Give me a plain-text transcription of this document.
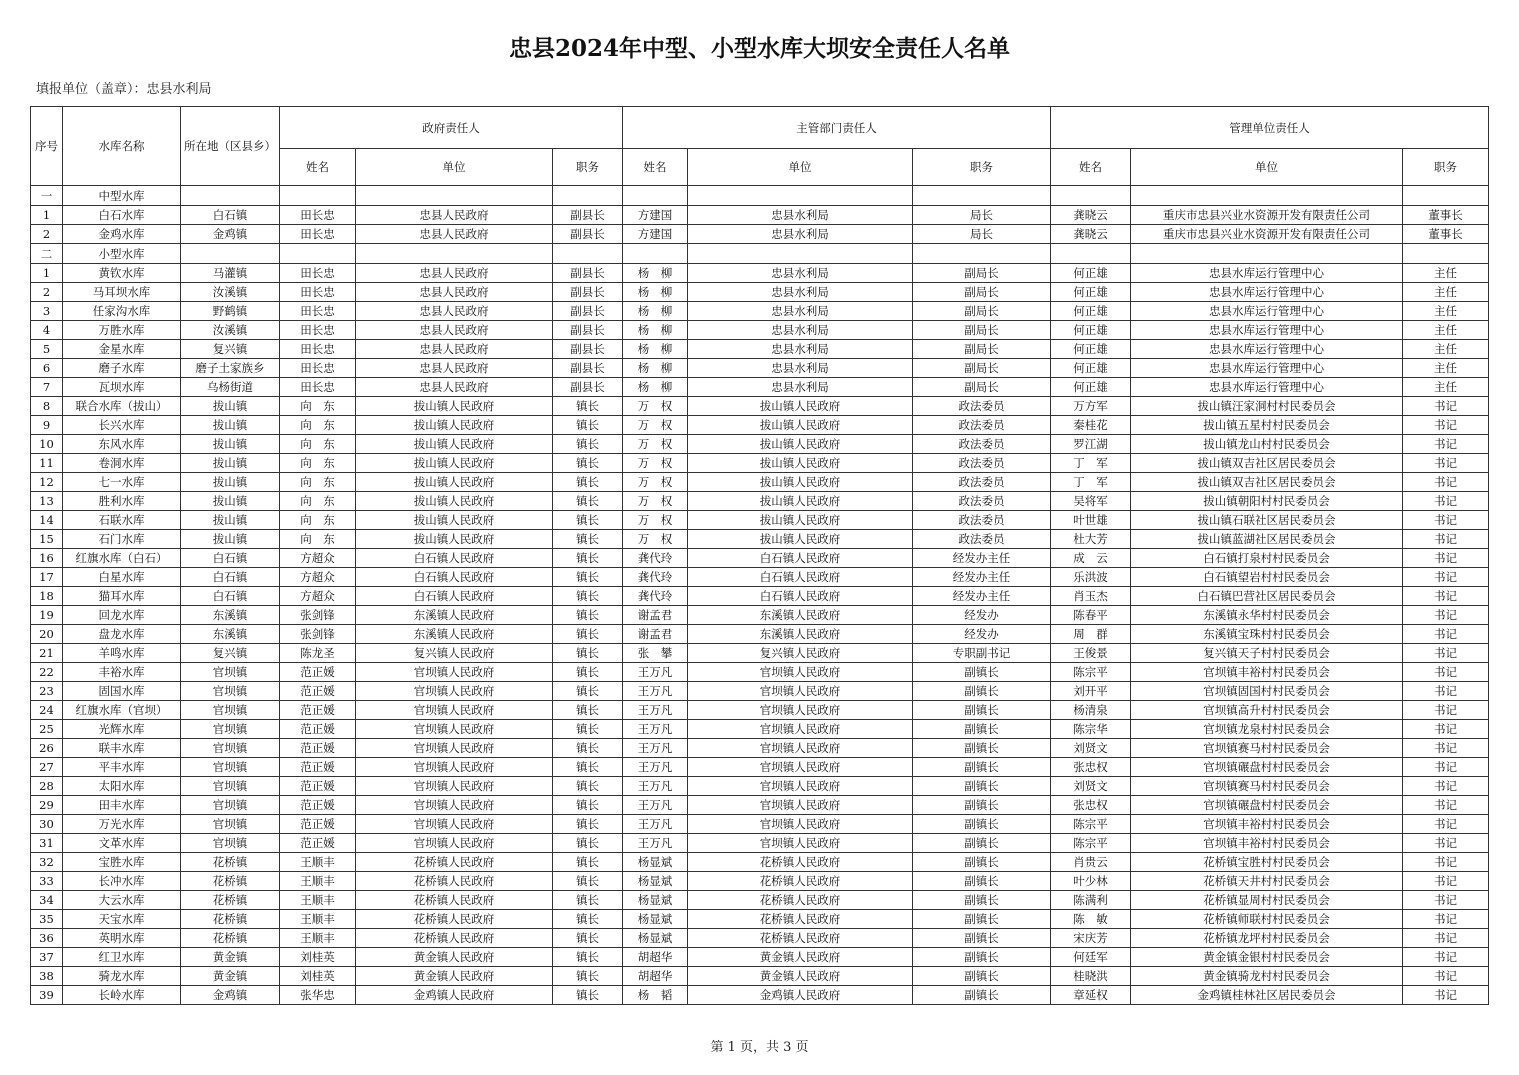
忠县2024年中型、小型水库大坝安全责任人名单
填报单位（盖章）：忠县水利局
序号	水库名称	所在地（区县乡）	政府责任人			主管部门责任人			管理单位责任人		
			姓名	单位	职务	姓名	单位	职务	姓名	单位	职务
一	中型水库										
1	白石水库	白石镇	田长忠	忠县人民政府	副县长	方建国	忠县水利局	局长	龚晓云	重庆市忠县兴业水资源开发有限责任公司	董事长
2	金鸡水库	金鸡镇	田长忠	忠县人民政府	副县长	方建国	忠县水利局	局长	龚晓云	重庆市忠县兴业水资源开发有限责任公司	董事长
二	小型水库										
1	黄钦水库	马灌镇	田长忠	忠县人民政府	副县长	杨　柳	忠县水利局	副局长	何正雄	忠县水库运行管理中心	主任
2	马耳坝水库	汝溪镇	田长忠	忠县人民政府	副县长	杨　柳	忠县水利局	副局长	何正雄	忠县水库运行管理中心	主任
3	任家沟水库	野鹤镇	田长忠	忠县人民政府	副县长	杨　柳	忠县水利局	副局长	何正雄	忠县水库运行管理中心	主任
4	万胜水库	汝溪镇	田长忠	忠县人民政府	副县长	杨　柳	忠县水利局	副局长	何正雄	忠县水库运行管理中心	主任
5	金星水库	复兴镇	田长忠	忠县人民政府	副县长	杨　柳	忠县水利局	副局长	何正雄	忠县水库运行管理中心	主任
6	磨子水库	磨子土家族乡	田长忠	忠县人民政府	副县长	杨　柳	忠县水利局	副局长	何正雄	忠县水库运行管理中心	主任
7	瓦坝水库	乌杨街道	田长忠	忠县人民政府	副县长	杨　柳	忠县水利局	副局长	何正雄	忠县水库运行管理中心	主任
8	联合水库（拔山）	拔山镇	向　东	拔山镇人民政府	镇长	万　权	拔山镇人民政府	政法委员	万方军	拔山镇汪家洞村村民委员会	书记
9	长兴水库	拔山镇	向　东	拔山镇人民政府	镇长	万　权	拔山镇人民政府	政法委员	秦桂花	拔山镇五星村村民委员会	书记
10	东风水库	拔山镇	向　东	拔山镇人民政府	镇长	万　权	拔山镇人民政府	政法委员	罗江湖	拔山镇龙山村村民委员会	书记
11	卷洞水库	拔山镇	向　东	拔山镇人民政府	镇长	万　权	拔山镇人民政府	政法委员	丁　军	拔山镇双吉社区居民委员会	书记
12	七一水库	拔山镇	向　东	拔山镇人民政府	镇长	万　权	拔山镇人民政府	政法委员	丁　军	拔山镇双吉社区居民委员会	书记
13	胜利水库	拔山镇	向　东	拔山镇人民政府	镇长	万　权	拔山镇人民政府	政法委员	吴将军	拔山镇朝阳村村民委员会	书记
14	石联水库	拔山镇	向　东	拔山镇人民政府	镇长	万　权	拔山镇人民政府	政法委员	叶世雄	拔山镇石联社区居民委员会	书记
15	石门水库	拔山镇	向　东	拔山镇人民政府	镇长	万　权	拔山镇人民政府	政法委员	杜大芳	拔山镇蓝湖社区居民委员会	书记
16	红旗水库（白石）	白石镇	方超众	白石镇人民政府	镇长	龚代玲	白石镇人民政府	经发办主任	成　云	白石镇打泉村村民委员会	书记
17	白星水库	白石镇	方超众	白石镇人民政府	镇长	龚代玲	白石镇人民政府	经发办主任	乐洪波	白石镇望岩村村民委员会	书记
18	猫耳水库	白石镇	方超众	白石镇人民政府	镇长	龚代玲	白石镇人民政府	经发办主任	肖玉杰	白石镇巴营社区居民委员会	书记
19	回龙水库	东溪镇	张剑锋	东溪镇人民政府	镇长	谢孟君	东溪镇人民政府	经发办	陈春平	东溪镇永华村村民委员会	书记
20	盘龙水库	东溪镇	张剑锋	东溪镇人民政府	镇长	谢孟君	东溪镇人民政府	经发办	周　群	东溪镇宝珠村村民委员会	书记
21	羊鸣水库	复兴镇	陈龙圣	复兴镇人民政府	镇长	张　攀	复兴镇人民政府	专职副书记	王俊景	复兴镇天子村村民委员会	书记
22	丰裕水库	官坝镇	范正媛	官坝镇人民政府	镇长	王万凡	官坝镇人民政府	副镇长	陈宗平	官坝镇丰裕村村民委员会	书记
23	固国水库	官坝镇	范正媛	官坝镇人民政府	镇长	王万凡	官坝镇人民政府	副镇长	刘开平	官坝镇固国村村民委员会	书记
24	红旗水库（官坝）	官坝镇	范正媛	官坝镇人民政府	镇长	王万凡	官坝镇人民政府	副镇长	杨清泉	官坝镇高升村村民委员会	书记
25	光辉水库	官坝镇	范正媛	官坝镇人民政府	镇长	王万凡	官坝镇人民政府	副镇长	陈宗华	官坝镇龙泉村村民委员会	书记
26	联丰水库	官坝镇	范正媛	官坝镇人民政府	镇长	王万凡	官坝镇人民政府	副镇长	刘贤文	官坝镇赛马村村民委员会	书记
27	平丰水库	官坝镇	范正媛	官坝镇人民政府	镇长	王万凡	官坝镇人民政府	副镇长	张忠权	官坝镇碾盘村村民委员会	书记
28	太阳水库	官坝镇	范正媛	官坝镇人民政府	镇长	王万凡	官坝镇人民政府	副镇长	刘贤文	官坝镇赛马村村民委员会	书记
29	田丰水库	官坝镇	范正媛	官坝镇人民政府	镇长	王万凡	官坝镇人民政府	副镇长	张忠权	官坝镇碾盘村村民委员会	书记
30	万光水库	官坝镇	范正媛	官坝镇人民政府	镇长	王万凡	官坝镇人民政府	副镇长	陈宗平	官坝镇丰裕村村民委员会	书记
31	文革水库	官坝镇	范正媛	官坝镇人民政府	镇长	王万凡	官坝镇人民政府	副镇长	陈宗平	官坝镇丰裕村村民委员会	书记
32	宝胜水库	花桥镇	王顺丰	花桥镇人民政府	镇长	杨显斌	花桥镇人民政府	副镇长	肖贵云	花桥镇宝胜村村民委员会	书记
33	长冲水库	花桥镇	王顺丰	花桥镇人民政府	镇长	杨显斌	花桥镇人民政府	副镇长	叶少林	花桥镇天井村村民委员会	书记
34	大云水库	花桥镇	王顺丰	花桥镇人民政府	镇长	杨显斌	花桥镇人民政府	副镇长	陈满利	花桥镇显周村村民委员会	书记
35	天宝水库	花桥镇	王顺丰	花桥镇人民政府	镇长	杨显斌	花桥镇人民政府	副镇长	陈　敏	花桥镇师联村村民委员会	书记
36	英明水库	花桥镇	王顺丰	花桥镇人民政府	镇长	杨显斌	花桥镇人民政府	副镇长	宋庆芳	花桥镇龙坪村村民委员会	书记
37	红卫水库	黄金镇	刘桂英	黄金镇人民政府	镇长	胡超华	黄金镇人民政府	副镇长	何廷军	黄金镇金银村村民委员会	书记
38	骑龙水库	黄金镇	刘桂英	黄金镇人民政府	镇长	胡超华	黄金镇人民政府	副镇长	桂晓洪	黄金镇骑龙村村民委员会	书记
39	长岭水库	金鸡镇	张华忠	金鸡镇人民政府	镇长	杨　韬	金鸡镇人民政府	副镇长	章延权	金鸡镇桂林社区居民委员会	书记
第 1 页，共 3 页
